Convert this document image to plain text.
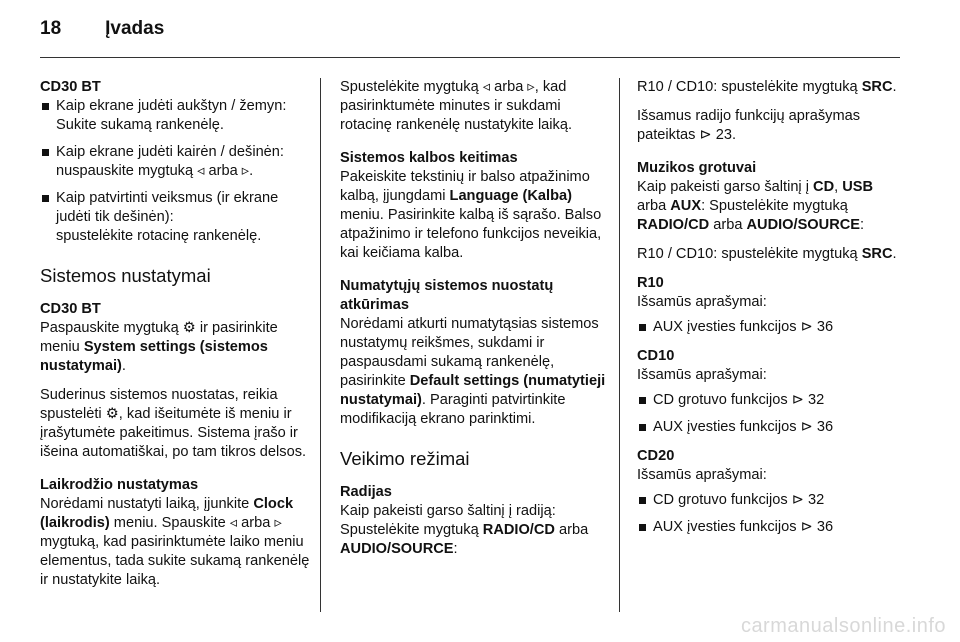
18 Įvadas
CD30 BT
Kaip ekrane judėti aukštyn / žemyn: Sukite sukamą rankenėlę.
Kaip ekrane judėti kairėn / dešinėn: nuspauskite mygtuką ◃ arba ▹.
Kaip patvirtinti veiksmus (ir ekrane judėti tik dešinėn):
spustelėkite rotacinę rankenėlę.
Sistemos nustatymai
CD30 BT

Paspauskite mygtuką ⚙ ir pasirinkite meniu System settings (sistemos nustatymai).

Suderinus sistemos nuostatas, reikia spustelėti ⚙, kad išeitumėte iš meniu ir įrašytumėte pakeitimus. Sistema įrašo ir išeina automatiškai, po tam tikros delsos.

Laikrodžio nustatymas

Norėdami nustatyti laiką, įjunkite Clock (laikrodis) meniu. Spauskite ◃ arba ▹ mygtuką, kad pasirinktumėte laiko meniu elementus, tada sukite sukamą rankenėlę ir nustatykite laiką.

Spustelėkite mygtuką ◃ arba ▹, kad pasirinktumėte minutes ir sukdami rotacinę rankenėlę nustatykite laiką.

Sistemos kalbos keitimas

Pakeiskite tekstinių ir balso atpažinimo kalbą, įjungdami Language (Kalba) meniu. Pasirinkite kalbą iš sąrašo. Balso atpažinimo ir telefono funkcijos neveikia, kai keičiama kalba.

Numatytųjų sistemos nuostatų atkūrimas

Norėdami atkurti numatytąsias sistemos nustatymų reikšmes, sukdami ir paspausdami sukamą rankenėlę, pasirinkite Default settings (numatytieji nustatymai). Paraginti patvirtinkite modifikaciją ekrano parinktimi.

Veikimo režimai
Radijas

Kaip pakeisti garso šaltinį į radiją: Spustelėkite mygtuką RADIO/CD arba AUDIO/SOURCE:

R10 / CD10: spustelėkite mygtuką SRC.

Išsamus radijo funkcijų aprašymas pateiktas ⊳ 23.

Muzikos grotuvai

Kaip pakeisti garso šaltinį į CD, USB arba AUX: Spustelėkite mygtuką RADIO/CD arba AUDIO/SOURCE:

R10 / CD10: spustelėkite mygtuką SRC.

R10

Išsamūs aprašymai:

AUX įvesties funkcijos ⊳ 36
CD10

Išsamūs aprašymai:

CD grotuvo funkcijos ⊳ 32
AUX įvesties funkcijos ⊳ 36
CD20

Išsamūs aprašymai:

CD grotuvo funkcijos ⊳ 32
AUX įvesties funkcijos ⊳ 36
carmanualsonline.info
